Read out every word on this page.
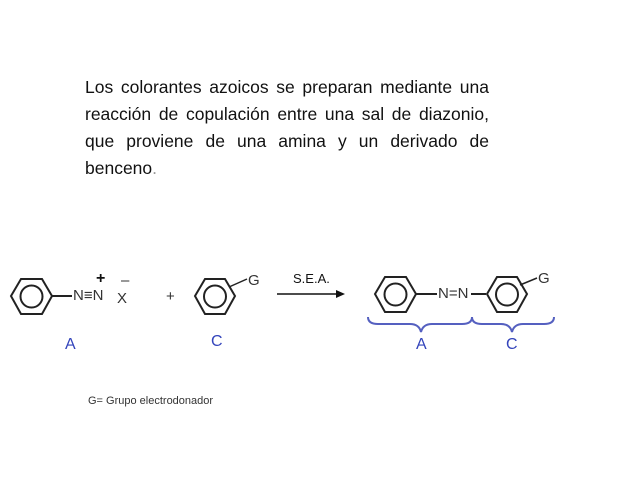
Los colorantes azoicos se preparan mediante una reacción de copulación entre una sal de diazonio, que proviene de una amina y un derivado de benceno.
N≡N
+ –
X	+
G	S.E.A.
N=N
G
A	C	A	C
G= Grupo electrodonador
